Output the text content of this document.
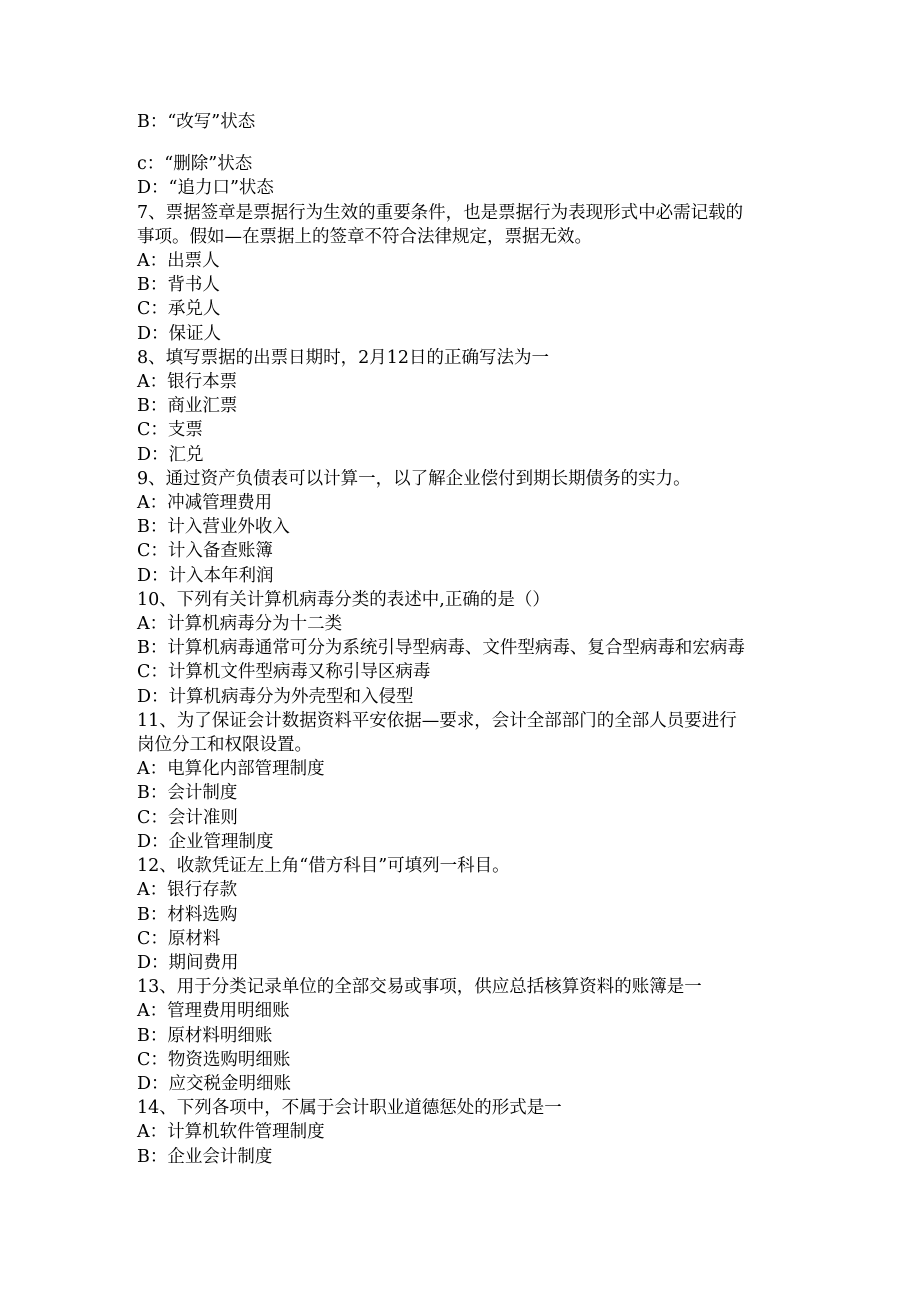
B：“改写”状态
c：“删除”状态
D：“追力口”状态
7、票据签章是票据行为生效的重要条件，也是票据行为表现形式中必需记载的
事项。假如—在票据上的签章不符合法律规定，票据无效。
A：出票人
B：背书人
C：承兑人
D：保证人
8、填写票据的出票日期时，2月12日的正确写法为一
A：银行本票
B：商业汇票
C：支票
D：汇兑
9、通过资产负债表可以计算一，以了解企业偿付到期长期债务的实力。
A：冲减管理费用
B：计入营业外收入
C：计入备查账簿
D：计入本年利润
10、下列有关计算机病毒分类的表述中,正确的是（）
A：计算机病毒分为十二类
B：计算机病毒通常可分为系统引导型病毒、文件型病毒、复合型病毒和宏病毒
C：计算机文件型病毒又称引导区病毒
D：计算机病毒分为外壳型和入侵型
11、为了保证会计数据资料平安依据—要求，会计全部部门的全部人员要进行
岗位分工和权限设置。
A：电算化内部管理制度
B：会计制度
C：会计准则
D：企业管理制度
12、收款凭证左上角“借方科目”可填列一科目。
A：银行存款
B：材料选购
C：原材料
D：期间费用
13、用于分类记录单位的全部交易或事项，供应总括核算资料的账簿是一
A：管理费用明细账
B：原材料明细账
C：物资选购明细账
D：应交税金明细账
14、下列各项中，不属于会计职业道德惩处的形式是一
A：计算机软件管理制度
B：企业会计制度
